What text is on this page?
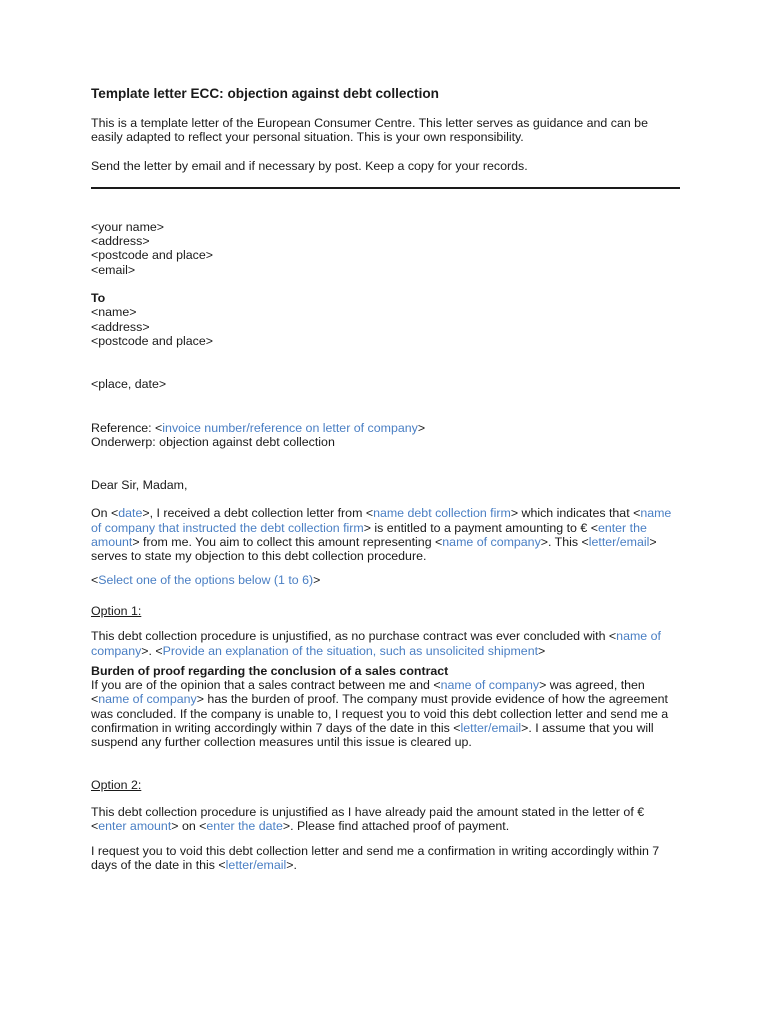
Template letter ECC: objection against debt collection

This is a template letter of the European Consumer Centre. This letter serves as guidance and can be easily adapted to reflect your personal situation. This is your own responsibility.

Send the letter by email and if necessary by post. Keep a copy for your records.

<your name>
<address>
<postcode and place>
<email>
To
<name>
<address>
<postcode and place>
<place, date>
Reference: <invoice number/reference on letter of company>
Onderwerp: objection against debt collection
Dear Sir, Madam,

On <date>, I received a debt collection letter from <name debt collection firm> which indicates that <name of company that instructed the debt collection firm> is entitled to a payment amounting to € <enter the amount> from me. You aim to collect this amount representing <name of company>. This <letter/email> serves to state my objection to this debt collection procedure.

<Select one of the options below (1 to 6)>

Option 1:

This debt collection procedure is unjustified, as no purchase contract was ever concluded with <name of company>. <Provide an explanation of the situation, such as unsolicited shipment>

Burden of proof regarding the conclusion of a sales contract

If you are of the opinion that a sales contract between me and <name of company> was agreed, then <name of company> has the burden of proof. The company must provide evidence of how the agreement was concluded. If the company is unable to, I request you to void this debt collection letter and send me a confirmation in writing accordingly within 7 days of the date in this <letter/email>. I assume that you will suspend any further collection measures until this issue is cleared up.

Option 2:

This debt collection procedure is unjustified as I have already paid the amount stated in the letter of € <enter amount> on <enter the date>. Please find attached proof of payment.

I request you to void this debt collection letter and send me a confirmation in writing accordingly within 7 days of the date in this <letter/email>.
